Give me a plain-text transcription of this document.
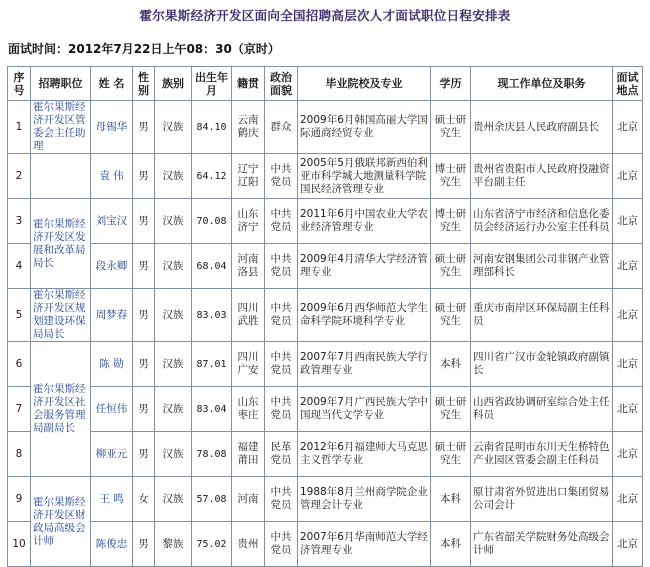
霍尔果斯经济开发区面向全国招聘高层次人才面试职位日程安排表
面试时间：2012年7月22日上午08：30（京时）
序号	招聘职位	姓 名	性别	族别	出生年月	籍贯	政治面貌	毕业院校及专业	学历	现工作单位及职务	面试地点
1	霍尔果斯经济开发区管委会主任助理	母锡华	男	汉族	84.10	云南鹤庆	群众	2009年6月韩国高丽大学国际通商经贸专业	硕士研究生	贵州余庆县人民政府副县长	北京
2		袁 伟	男	汉族	64.12	辽宁辽阳	中共党员	2005年5月俄联邦新西伯利亚市科学城大地测量科学院国民经济管理专业	博士研究生	贵州省贵阳市人民政府投融资平台副主任	北京
3	霍尔果斯经济开发区发展和改革局局长	刘宝汉	男	汉族	70.08	山东济宁	中共党员	2011年6月中国农业大学农业经济管理专业	博士研究生	山东省济宁市经济和信息化委员会经济运行办公室主任科员	北京
4		段永卿	男	汉族	68.04	河南洛县	中共党员	2009年4月清华大学经济管理专业	硕士研究生	河南安钢集团公司非钢产业管理部科长	北京
5	霍尔果斯经济开发区规划建设环保局局长	周梦春	男	汉族	83.03	四川武胜	中共党员	2009年6月西华师范大学生命科学院环境科学专业	硕士研究生	重庆市南岸区环保局副主任科员	北京
6	霍尔果斯经济开发区社会服务管理局副局长	陈 勋	男	汉族	87.01	四川广安	中共党员	2007年7月西南民族大学行政管理专业	本科	四川省广汉市金轮镇政府副镇长	北京
7		任恒伟	男	汉族	83.04	山东枣庄	中共党员	2009年7月广西民族大学中国现当代文学专业	硕士研究生	山西省政协调研室综合处主任科员	北京
8		柳亚元	男	汉族	78.08	福建莆田	民革党员	2012年6月福建师大马克思主义哲学专业	硕士研究生	云南省昆明市东川天生桥特色产业园区管委会副主任科员	北京
9	霍尔果斯经济开发区财政局高级会计师	王 鸣	女	汉族	57.08	河南	中共党员	1988年8月兰州商学院企业管理会计专业	本科	原甘肃省外贸进出口集团贸易公司会计	北京
10		陈俊忠	男	黎族	75.02	贵州	中共党员	2007年6月华南师范大学经济管理专业	本科	广东省韶关学院财务处高级会计师	北京
